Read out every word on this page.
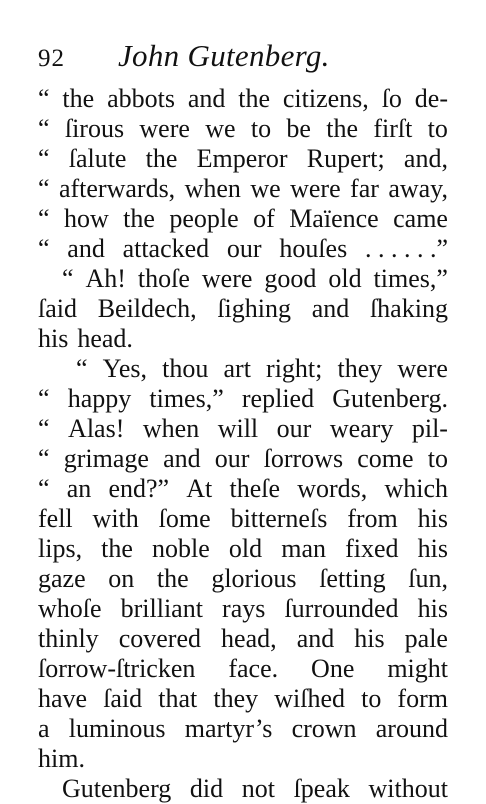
92 John Gutenberg.
“ the abbots and the citizens, ſo de-
“ ſirous were we to be the firſt to
“ ſalute the Emperor Rupert; and,
“ afterwards, when we were far away,
“ how the people of Maïence came
“ and attacked our houſes . . . . . .”
“ Ah! thoſe were good old times,”
ſaid Beildech, ſighing and ſhaking
his head.
“ Yes, thou art right; they were
“ happy times,” replied Gutenberg.
“ Alas! when will our weary pil-
“ grimage and our ſorrows come to
“ an end?” At theſe words, which
fell with ſome bitterneſs from his
lips, the noble old man fixed his
gaze on the glorious ſetting ſun,
whoſe brilliant rays ſurrounded his
thinly covered head, and his pale
ſorrow-ſtricken face. One might
have ſaid that they wiſhed to form
a luminous martyr’s crown around
him.
Gutenberg did not ſpeak without
